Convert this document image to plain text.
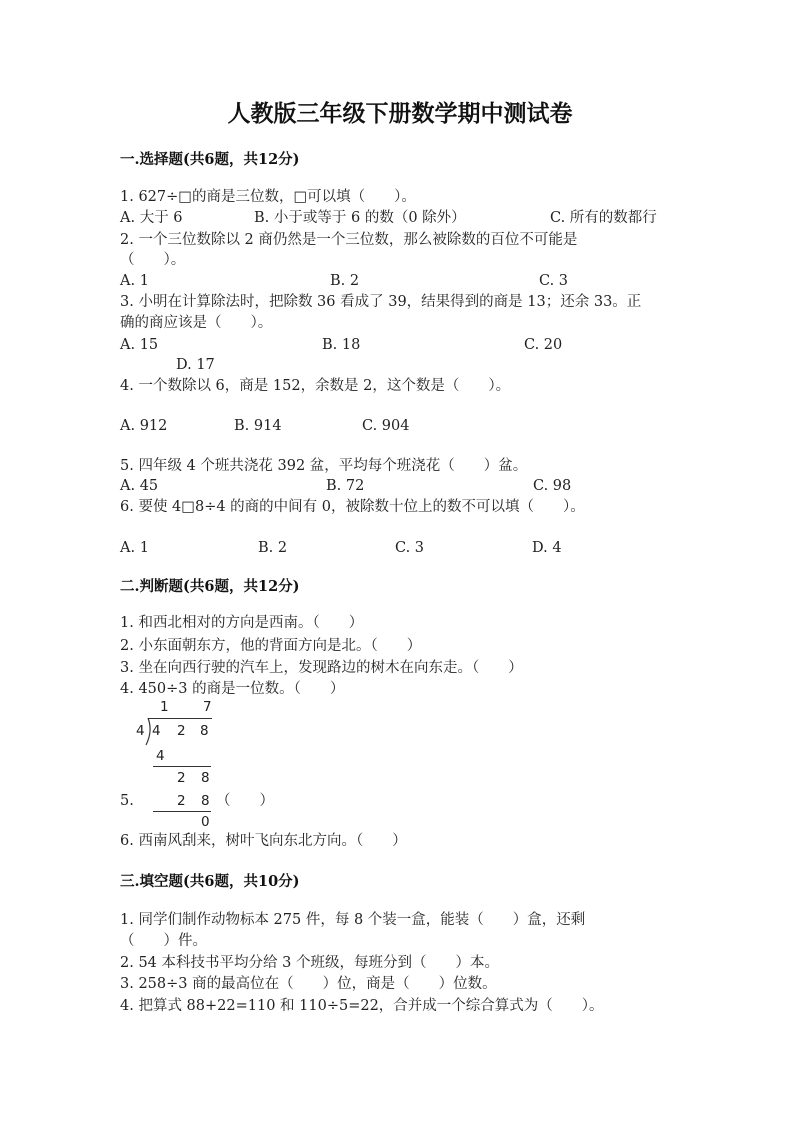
人教版三年级下册数学期中测试卷
一.选择题(共6题，共12分)
1. 627÷□的商是三位数，□可以填（　　）。
A. 大于 6	B. 小于或等于 6 的数（0 除外）	C. 所有的数都行
2. 一个三位数除以 2 商仍然是一个三位数，那么被除数的百位不可能是
（　　）。
A. 1	B. 2	C. 3
3. 小明在计算除法时，把除数 36 看成了 39，结果得到的商是 13；还余 33。正
确的商应该是（　　）。
A. 15	B. 18	C. 20
D. 17
4. 一个数除以 6，商是 152，余数是 2，这个数是（　　）。
A. 912	B. 914	C. 904
5. 四年级 4 个班共浇花 392 盆，平均每个班浇花（　　）盆。
A. 45	B. 72	C. 98
6. 要使 4□8÷4 的商的中间有 0，被除数十位上的数不可以填（　　）。
A. 1	B. 2	C. 3	D. 4
二.判断题(共6题，共12分)
1. 和西北相对的方向是西南。（　　）
2. 小东面朝东方，他的背面方向是北。（　　）
3. 坐在向西行驶的汽车上，发现路边的树木在向东走。（　　）
4. 450÷3 的商是一位数。（　　）
1	7
4 4 2 8
4
2 8
2 8
0
5.	（　　）
6. 西南风刮来，树叶飞向东北方向。（　　）
三.填空题(共6题，共10分)
1. 同学们制作动物标本 275 件，每 8 个装一盒，能装（　　）盒，还剩
（　　）件。
2. 54 本科技书平均分给 3 个班级，每班分到（　　）本。
3. 258÷3 商的最高位在（　　）位，商是（　　）位数。
4. 把算式 88+22=110 和 110÷5=22，合并成一个综合算式为（　　）。
